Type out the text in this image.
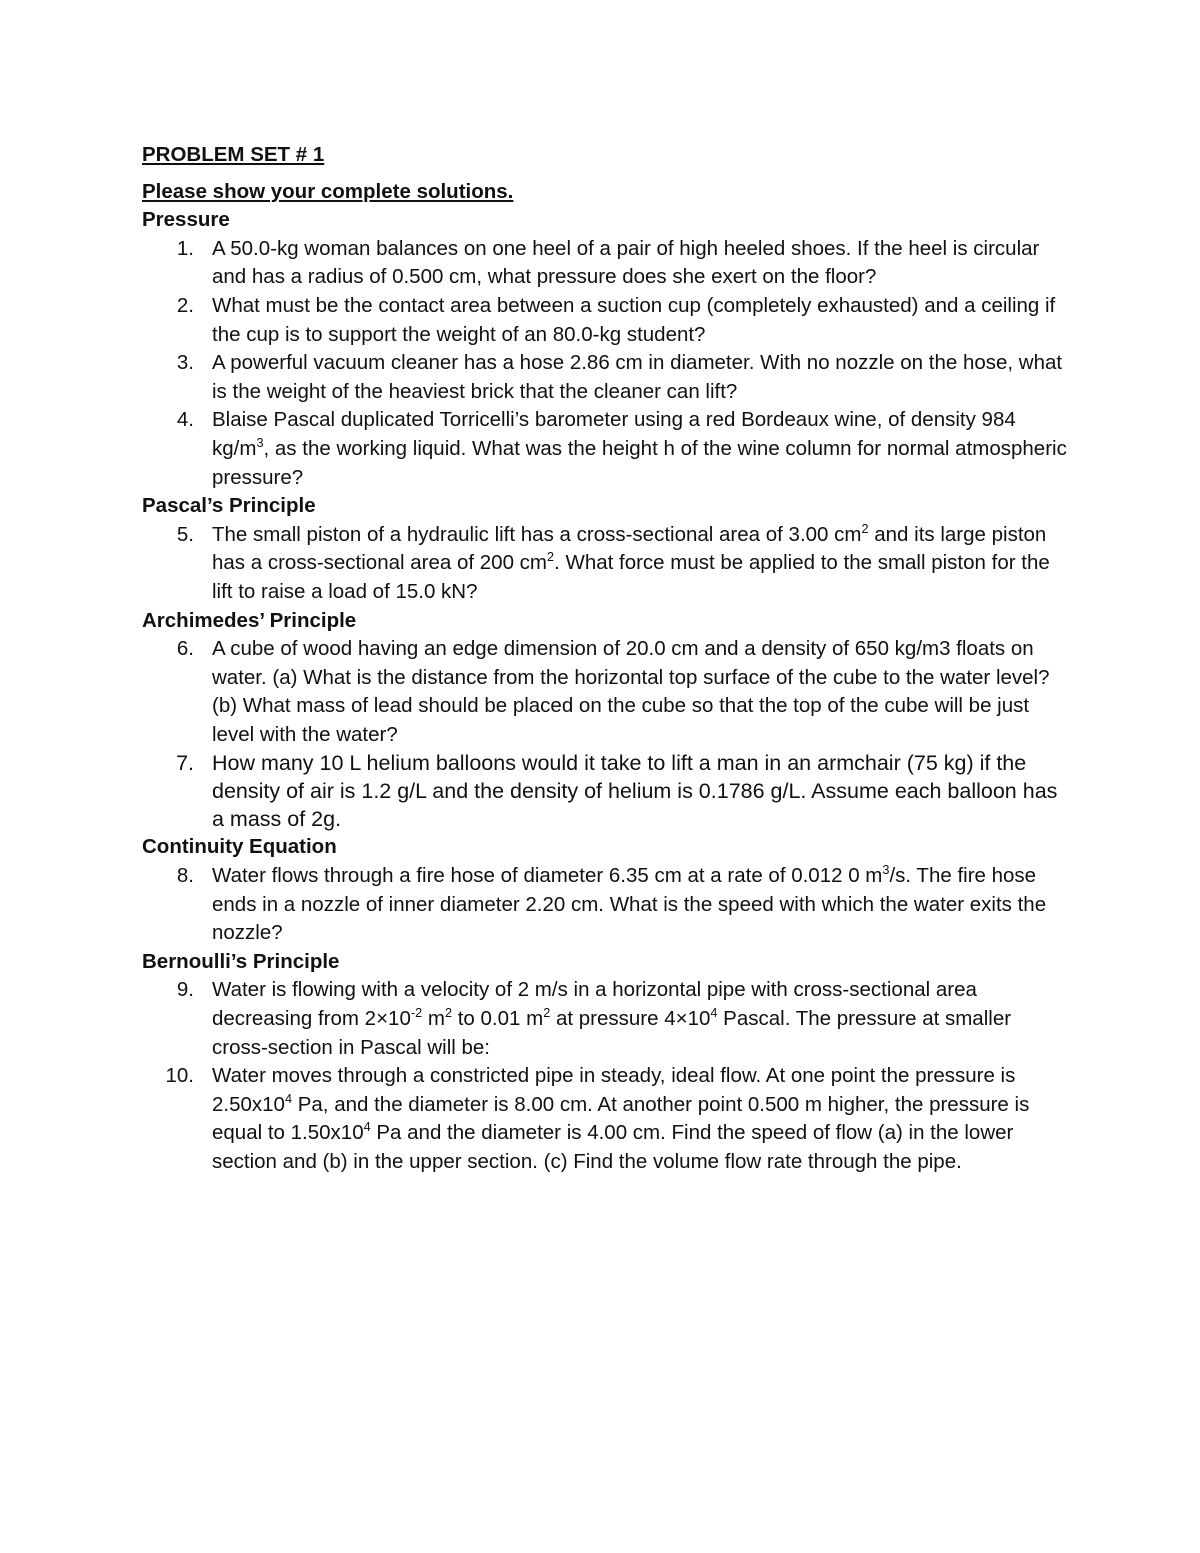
PROBLEM SET # 1
Please show your complete solutions.
Pressure
1. A 50.0-kg woman balances on one heel of a pair of high heeled shoes. If the heel is circular and has a radius of 0.500 cm, what pressure does she exert on the floor?
2. What must be the contact area between a suction cup (completely exhausted) and a ceiling if the cup is to support the weight of an 80.0-kg student?
3. A powerful vacuum cleaner has a hose 2.86 cm in diameter. With no nozzle on the hose, what is the weight of the heaviest brick that the cleaner can lift?
4. Blaise Pascal duplicated Torricelli’s barometer using a red Bordeaux wine, of density 984 $kg/m^3$, as the working liquid. What was the height h of the wine column for normal atmospheric pressure?
Pascal’s Principle
5. The small piston of a hydraulic lift has a cross-sectional area of 3.00 $cm^2$ and its large piston has a cross-sectional area of 200 $cm^2$. What force must be applied to the small piston for the lift to raise a load of 15.0 kN?
Archimedes’ Principle
6. A cube of wood having an edge dimension of 20.0 cm and a density of 650 kg/m3 floats on water. (a) What is the distance from the horizontal top surface of the cube to the water level? (b) What mass of lead should be placed on the cube so that the top of the cube will be just level with the water?
7. How many 10 L helium balloons would it take to lift a man in an armchair (75 kg) if the density of air is 1.2 g/L and the density of helium is 0.1786 g/L. Assume each balloon has a mass of 2g.
Continuity Equation
8. Water flows through a fire hose of diameter 6.35 cm at a rate of 0.012 0 $m^3/s$. The fire hose ends in a nozzle of inner diameter 2.20 cm. What is the speed with which the water exits the nozzle?
Bernoulli’s Principle
9. Water is flowing with a velocity of 2 m/s in a horizontal pipe with cross-sectional area decreasing from $2\times 10^{-2}$ $m^2$ to 0.01 $m^2$ at pressure $4\times 10^4$ Pascal. The pressure at smaller cross-section in Pascal will be:
10. Water moves through a constricted pipe in steady, ideal flow. At one point the pressure is $2.50x10^4$ Pa, and the diameter is 8.00 cm. At another point 0.500 m higher, the pressure is equal to $1.50x10^4$ Pa and the diameter is 4.00 cm. Find the speed of flow (a) in the lower section and (b) in the upper section. (c) Find the volume flow rate through the pipe.
